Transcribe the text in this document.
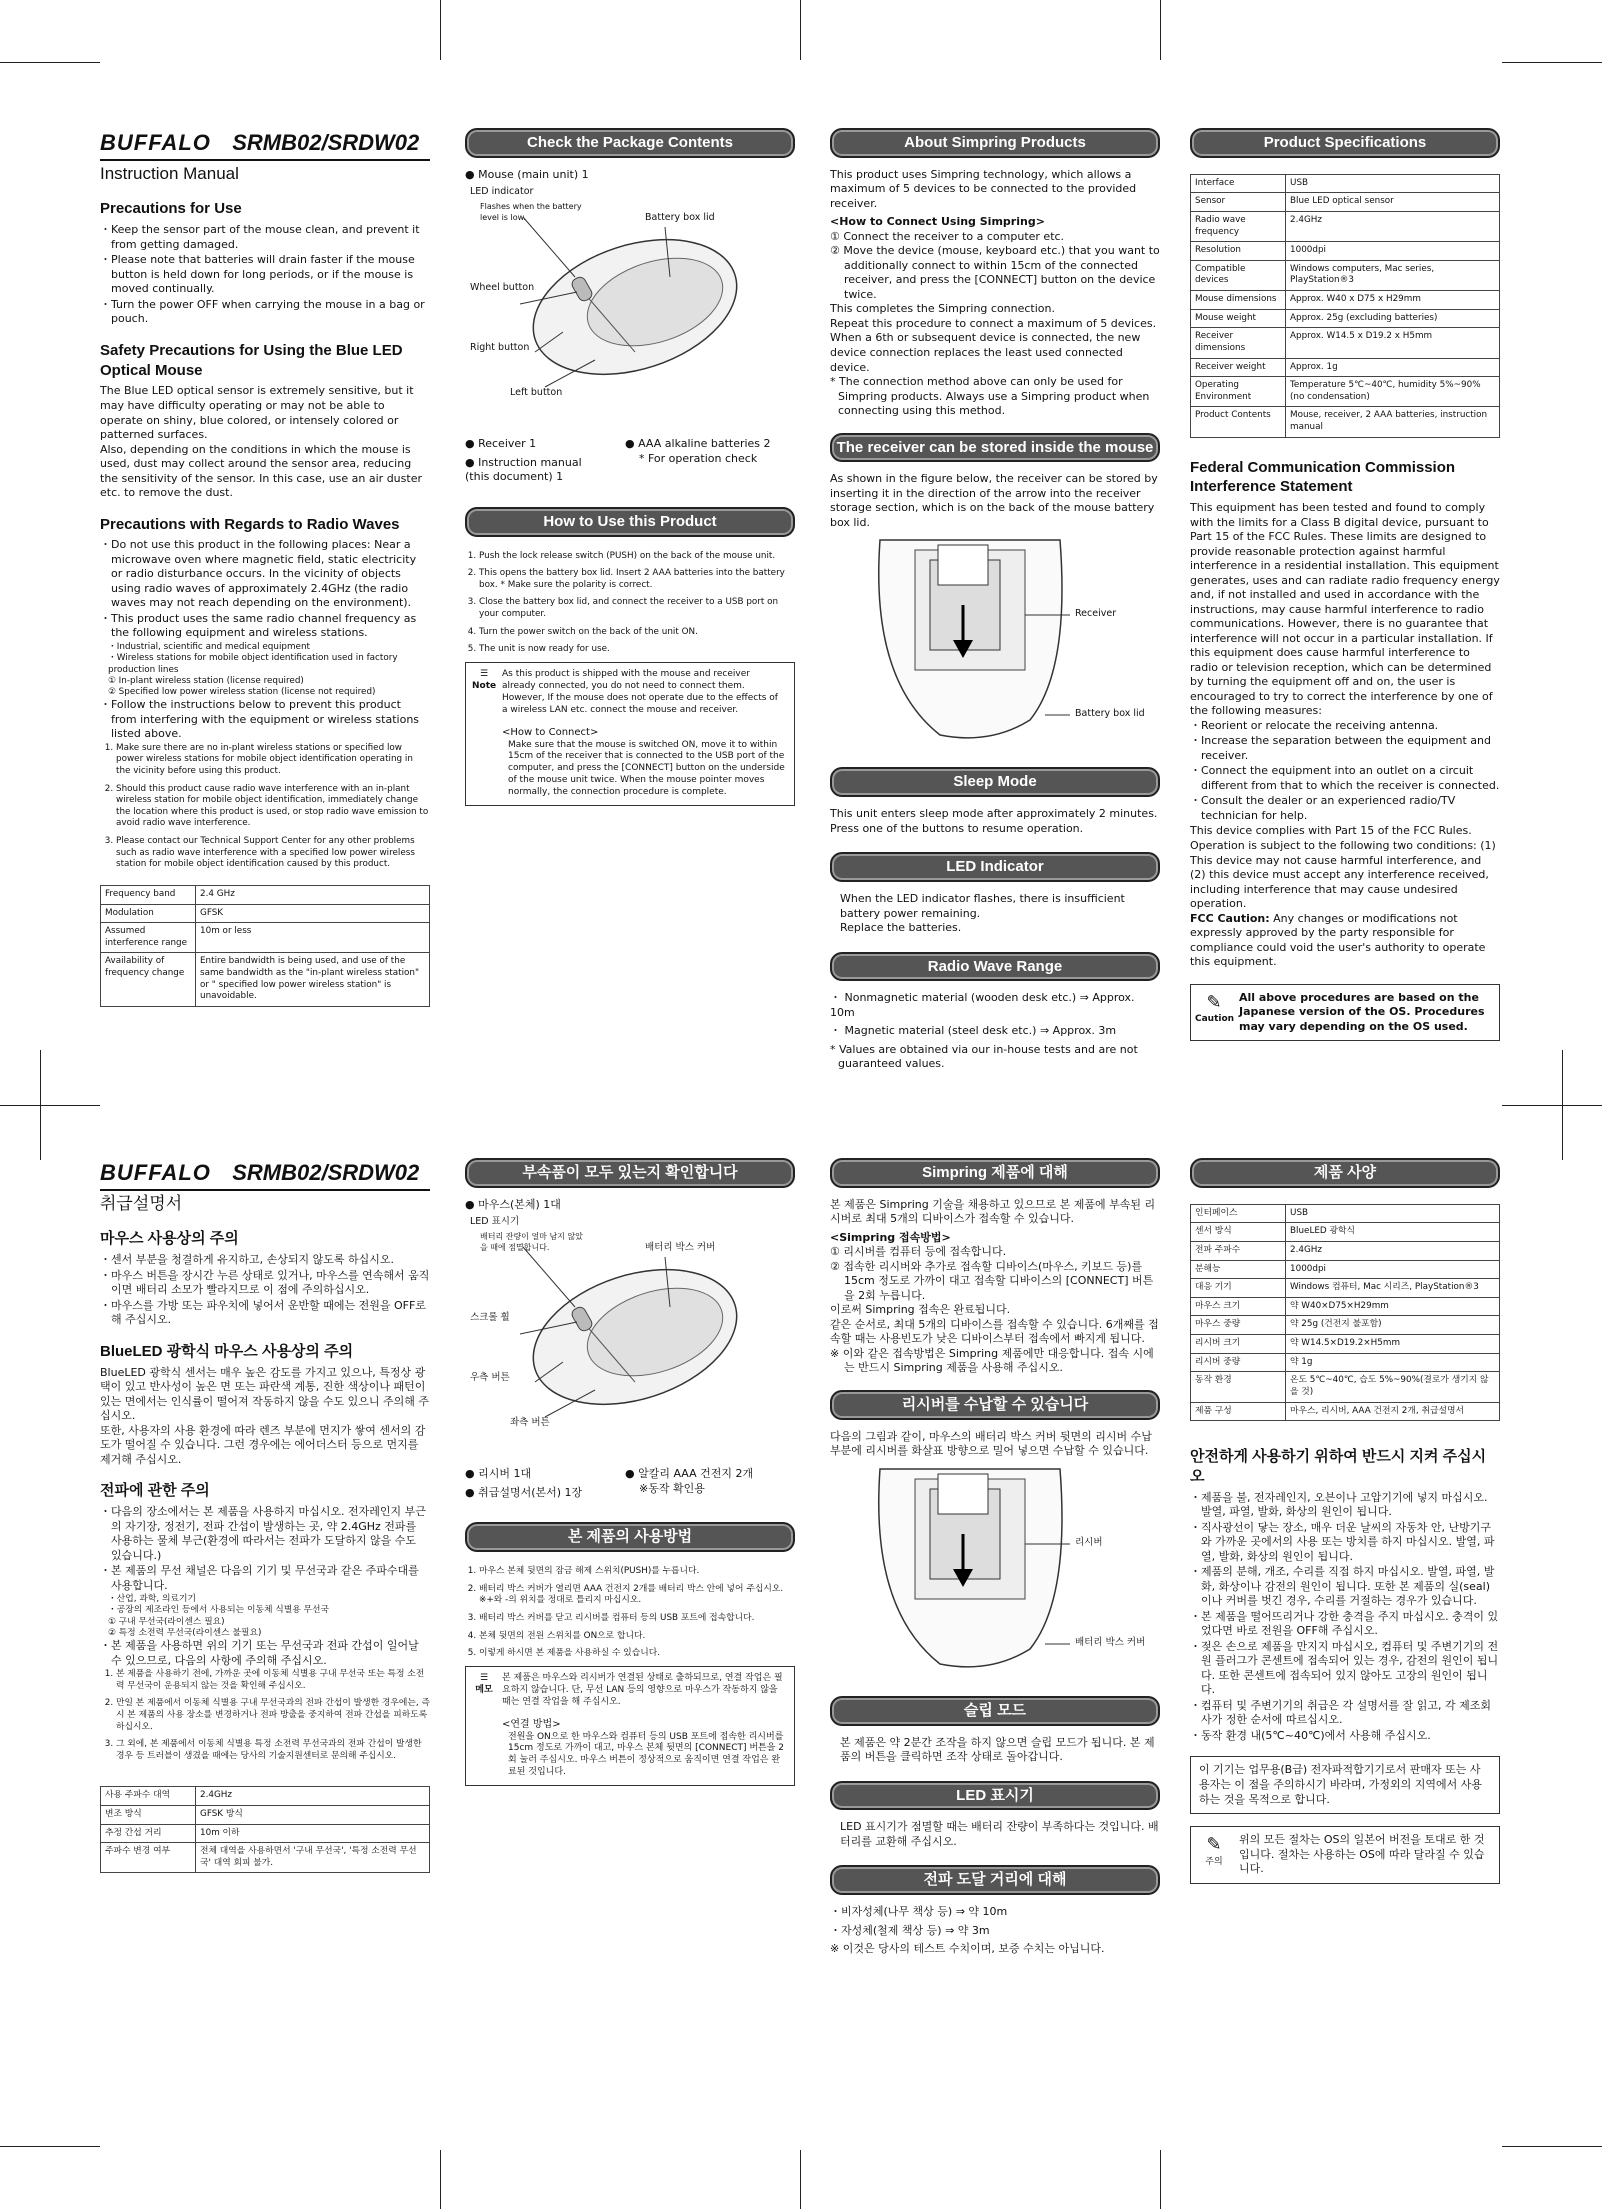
BUFFALO SRMB02/SRDW02
Instruction Manual
Precautions for Use
・ Keep the sensor part of the mouse clean, and prevent it from getting damaged.
・ Please note that batteries will drain faster if the mouse button is held down for long periods, or if the mouse is moved continually.
・ Turn the power OFF when carrying the mouse in a bag or pouch.
Safety Precautions for Using the Blue LED Optical Mouse

The Blue LED optical sensor is extremely sensitive, but it may have difficulty operating or may not be able to operate on shiny, blue colored, or intensely colored or patterned surfaces.
Also, depending on the conditions in which the mouse is used, dust may collect around the sensor area, reducing the sensitivity of the sensor. In this case, use an air duster etc. to remove the dust.

Precautions with Regards to Radio Waves
・ Do not use this product in the following places: Near a microwave oven where magnetic field, static electricity or radio disturbance occurs. In the vicinity of objects using radio waves of approximately 2.4GHz (the radio waves may not reach depending on the environment).
・ This product uses the same radio channel frequency as the following equipment and wireless stations.

・Industrial, scientific and medical equipment
・Wireless stations for mobile object identification used in factory production lines
① In-plant wireless station (license required)
② Specified low power wireless station (license not required)

・ Follow the instructions below to prevent this product from interfering with the equipment or wireless stations listed above.
1. Make sure there are no in-plant wireless stations or specified low power wireless stations for mobile object identification operating in the vicinity before using this product.
2. Should this product cause radio wave interference with an in-plant wireless station for mobile object identification, immediately change the location where this product is used, or stop radio wave emission to avoid radio wave interference.
3. Please contact our Technical Support Center for any other problems such as radio wave interference with a specified low power wireless station for mobile object identification caused by this product.
Frequency band	2.4 GHz
Modulation	GFSK
Assumed interference range	10m or less
Availability of frequency change	Entire bandwidth is being used, and use of the same bandwidth as the "in-plant wireless station" or " specified low power wireless station" is unavoidable.
Check the Package Contents
● Mouse (main unit) 1
LED indicator
Flashes when the battery level is low.	Battery box lid
Wheel button
Right button
Left button
● Receiver 1
● Instruction manual (this document) 1
● AAA alkaline batteries 2
* For operation check
How to Use this Product
1. Push the lock release switch (PUSH) on the back of the mouse unit.
2. This opens the battery box lid. Insert 2 AAA batteries into the battery box. * Make sure the polarity is correct.
3. Close the battery box lid, and connect the receiver to a USB port on your computer.
4. Turn the power switch on the back of the unit ON.
5. The unit is now ready for use.
☰
Note
As this product is shipped with the mouse and receiver already connected, you do not need to connect them. However, If the mouse does not operate due to the effects of a wireless LAN etc. connect the mouse and receiver.
<How to Connect>
Make sure that the mouse is switched ON, move it to within 15cm of the receiver that is connected to the USB port of the computer, and press the [CONNECT] button on the underside of the mouse unit twice. When the mouse pointer moves normally, the connection procedure is complete.
About Simpring Products

This product uses Simpring technology, which allows a maximum of 5 devices to be connected to the provided receiver.

<How to Connect Using Simpring>

① Connect the receiver to a computer etc.

② Move the device (mouse, keyboard etc.) that you want to additionally connect to within 15cm of the connected receiver, and press the [CONNECT] button on the device twice.

This completes the Simpring connection.
Repeat this procedure to connect a maximum of 5 devices. When a 6th or subsequent device is connected, the new device connection replaces the least used connected device.

* The connection method above can only be used for Simpring products. Always use a Simpring product when connecting using this method.

The receiver can be stored inside the mouse

As shown in the figure below, the receiver can be stored by inserting it in the direction of the arrow into the receiver storage section, which is on the back of the mouse battery box lid.

Receiver
Battery box lid
Sleep Mode

This unit enters sleep mode after approximately 2 minutes. Press one of the buttons to resume operation.

LED Indicator

When the LED indicator flashes, there is insufficient battery power remaining.
Replace the batteries.

Radio Wave Range

・ Nonmagnetic material (wooden desk etc.) ⇒ Approx. 10m

・ Magnetic material (steel desk etc.) ⇒ Approx. 3m

* Values are obtained via our in-house tests and are not guaranteed values.

Product Specifications
Interface	USB
Sensor	Blue LED optical sensor
Radio wave frequency	2.4GHz
Resolution	1000dpi
Compatible devices	Windows computers, Mac series, PlayStation®3
Mouse dimensions	Approx. W40 x D75 x H29mm
Mouse weight	Approx. 25g (excluding batteries)
Receiver dimensions	Approx. W14.5 x D19.2 x H5mm
Receiver weight	Approx. 1g
Operating Environment	Temperature 5℃~40℃, humidity 5%~90% (no condensation)
Product Contents	Mouse, receiver, 2 AAA batteries, instruction manual
Federal Communication Commission Interference Statement

This equipment has been tested and found to comply with the limits for a Class B digital device, pursuant to Part 15 of the FCC Rules. These limits are designed to provide reasonable protection against harmful interference in a residential installation. This equipment generates, uses and can radiate radio frequency energy and, if not installed and used in accordance with the instructions, may cause harmful interference to radio communications. However, there is no guarantee that interference will not occur in a particular installation. If this equipment does cause harmful interference to radio or television reception, which can be determined by turning the equipment off and on, the user is encouraged to try to correct the interference by one of the following measures:

・ Reorient or relocate the receiving antenna.
・ Increase the separation between the equipment and receiver.
・ Connect the equipment into an outlet on a circuit different from that to which the receiver is connected.
・ Consult the dealer or an experienced radio/TV technician for help.

This device complies with Part 15 of the FCC Rules. Operation is subject to the following two conditions: (1) This device may not cause harmful interference, and (2) this device must accept any interference received, including interference that may cause undesired operation.

FCC Caution: Any changes or modifications not expressly approved by the party responsible for compliance could void the user's authority to operate this equipment.

✎
Caution
All above procedures are based on the Japanese version of the OS. Procedures may vary depending on the OS used.
BUFFALO SRMB02/SRDW02
취급설명서
마우스 사용상의 주의
・ 센서 부분을 청결하게 유지하고, 손상되지 않도록 하십시오.
・ 마우스 버튼을 장시간 누른 상태로 있거나, 마우스를 연속해서 움직이면 배터리 소모가 빨라지므로 이 점에 주의하십시오.
・ 마우스를 가방 또는 파우치에 넣어서 운반할 때에는 전원을 OFF로 해 주십시오.
BlueLED 광학식 마우스 사용상의 주의

BlueLED 광학식 센서는 매우 높은 감도를 가지고 있으나, 특정상 광택이 있고 반사성이 높은 면 또는 파란색 계통, 진한 색상이나 패턴이 있는 면에서는 인식률이 떨어져 작동하지 않을 수도 있으니 주의해 주십시오.
또한, 사용자의 사용 환경에 따라 렌즈 부분에 먼지가 쌓여 센서의 감도가 떨어질 수 있습니다. 그런 경우에는 에어더스터 등으로 먼지를 제거해 주십시오.

전파에 관한 주의
・ 다음의 장소에서는 본 제품을 사용하지 마십시오. 전자레인지 부근의 자기장, 정전기, 전파 간섭이 발생하는 곳, 약 2.4GHz 전파를 사용하는 물체 부근(환경에 따라서는 전파가 도달하지 않을 수도 있습니다.)
・ 본 제품의 무선 채널은 다음의 기기 및 무선국과 같은 주파수대를 사용합니다.

・산업, 과학, 의료기기
・공장의 제조라인 등에서 사용되는 이동체 식별용 무선국
① 구내 무선국(라이센스 필요)
② 특정 소전력 무선국(라이센스 불필요)

・ 본 제품을 사용하면 위의 기기 또는 무선국과 전파 간섭이 일어날 수 있으므로, 다음의 사항에 주의해 주십시오.
1. 본 제품을 사용하기 전에, 가까운 곳에 이동체 식별용 구내 무선국 또는 특정 소전력 무선국이 운용되지 않는 것을 확인해 주십시오.
2. 만일 본 제품에서 이동체 식별용 구내 무선국과의 전파 간섭이 발생한 경우에는, 즉시 본 제품의 사용 장소를 변경하거나 전파 방출을 중지하여 전파 간섭을 피하도록 하십시오.
3. 그 외에, 본 제품에서 이동체 식별용 특정 소전력 무선국과의 전파 간섭이 발생한 경우 등 트러블이 생겼을 때에는 당사의 기술지원센터로 문의해 주십시오.
사용 주파수 대역	2.4GHz
변조 방식	GFSK 방식
추정 간섭 거리	10m 이하
주파수 변경 여부	전체 대역을 사용하면서 '구내 무선국', '특정 소전력 무선국' 대역 회피 불가.
부속품이 모두 있는지 확인합니다
● 마우스(본체) 1대
LED 표시기
배터리 잔량이 얼마 남지 않았을 때에 점멸합니다.	배터리 박스 커버
스크롤 휠
우측 버튼
좌측 버튼
● 리시버 1대
● 취급설명서(본서) 1장
● 알칼리 AAA 건전지 2개
※동작 확인용
본 제품의 사용방법
1. 마우스 본체 뒷면의 잠금 해제 스위치(PUSH)를 누릅니다.
2. 배터리 박스 커버가 열리면 AAA 건전지 2개를 배터리 박스 안에 넣어 주십시오. ※+와 -의 위치를 정대로 틀리지 마십시오.
3. 배터리 박스 커버를 닫고 리시버를 컴퓨터 등의 USB 포트에 접속합니다.
4. 본체 뒷면의 전원 스위치를 ON으로 합니다.
5. 이렇게 하시면 본 제품을 사용하실 수 있습니다.
☰
메모
본 제품은 마우스와 리시버가 연결된 상태로 출하되므로, 연결 작업은 필요하지 않습니다. 단, 무선 LAN 등의 영향으로 마우스가 작동하지 않을 때는 연결 작업을 해 주십시오.
<연결 방법>
전원을 ON으로 한 마우스와 컴퓨터 등의 USB 포트에 접속한 리시버를 15cm 정도로 가까이 대고, 마우스 본체 뒷면의 [CONNECT] 버튼을 2회 눌러 주십시오. 마우스 버튼이 정상적으로 움직이면 연결 작업은 완료된 것입니다.
Simpring 제품에 대해

본 제품은 Simpring 기술을 채용하고 있으므로 본 제품에 부속된 리시버로 최대 5개의 디바이스가 접속할 수 있습니다.

<Simpring 접속방법>

① 리시버를 컴퓨터 등에 접속합니다.

② 접속한 리시버와 추가로 접속할 디바이스(마우스, 키보드 등)를 15cm 정도로 가까이 대고 접속할 디바이스의 [CONNECT] 버튼을 2회 누릅니다.

이로써 Simpring 접속은 완료됩니다.
같은 순서로, 최대 5개의 디바이스를 접속할 수 있습니다. 6개째를 접속할 때는 사용빈도가 낮은 디바이스부터 접속에서 빠지게 됩니다.

※ 이와 같은 접속방법은 Simpring 제품에만 대응합니다. 접속 시에는 반드시 Simpring 제품을 사용해 주십시오.

리시버를 수납할 수 있습니다

다음의 그림과 같이, 마우스의 배터리 박스 커버 뒷면의 리시버 수납 부분에 리시버를 화살표 방향으로 밀어 넣으면 수납할 수 있습니다.

리시버
배터리 박스 커버
슬립 모드

본 제품은 약 2분간 조작을 하지 않으면 슬립 모드가 됩니다. 본 제품의 버튼을 클릭하면 조작 상태로 돌아갑니다.

LED 표시기

LED 표시기가 점멸할 때는 배터리 잔량이 부족하다는 것입니다. 배터리를 교환해 주십시오.

전파 도달 거리에 대해

・비자성체(나무 책상 등) ⇒ 약 10m

・자성체(철제 책상 등) ⇒ 약 3m

※ 이것은 당사의 테스트 수치이며, 보증 수치는 아닙니다.

제품 사양
인터페이스	USB
센서 방식	BlueLED 광학식
전파 주파수	2.4GHz
분해능	1000dpi
대응 기기	Windows 컴퓨터, Mac 시리즈, PlayStation®3
마우스 크기	약 W40×D75×H29mm
마우스 중량	약 25g (건전지 불포함)
리시버 크기	약 W14.5×D19.2×H5mm
리시버 중량	약 1g
동작 환경	온도 5℃~40℃, 습도 5%~90%(결로가 생기지 않을 것)
제품 구성	마우스, 리시버, AAA 건전지 2개, 취급설명서
안전하게 사용하기 위하여 반드시 지켜 주십시오
・ 제품을 불, 전자레인지, 오븐이나 고압기기에 넣지 마십시오. 발열, 파열, 발화, 화상의 원인이 됩니다.
・ 직사광선이 닿는 장소, 매우 더운 날씨의 자동차 안, 난방기구와 가까운 곳에서의 사용 또는 방치를 하지 마십시오. 발열, 파열, 발화, 화상의 원인이 됩니다.
・ 제품의 분해, 개조, 수리를 직접 하지 마십시오. 발열, 파열, 발화, 화상이나 감전의 원인이 됩니다. 또한 본 제품의 실(seal)이나 커버를 벗긴 경우, 수리를 거절하는 경우가 있습니다.
・ 본 제품을 떨어뜨리거나 강한 충격을 주지 마십시오. 충격이 있었다면 바로 전원을 OFF해 주십시오.
・ 젖은 손으로 제품을 만지지 마십시오, 컴퓨터 및 주변기기의 전원 플러그가 콘센트에 접속되어 있는 경우, 감전의 원인이 됩니다. 또한 콘센트에 접속되어 있지 않아도 고장의 원인이 됩니다.
・ 컴퓨터 및 주변기기의 취급은 각 설명서를 잘 읽고, 각 제조회사가 정한 순서에 따르십시오.
・ 동작 환경 내(5℃~40℃)에서 사용해 주십시오.
이 기기는 업무용(B급) 전자파적합기기로서 판매자 또는 사용자는 이 점을 주의하시기 바라며, 가정외의 지역에서 사용하는 것을 목적으로 합니다.
✎
주의
위의 모든 절차는 OS의 일본어 버전을 토대로 한 것입니다. 절차는 사용하는 OS에 따라 달라질 수 있습니다.
